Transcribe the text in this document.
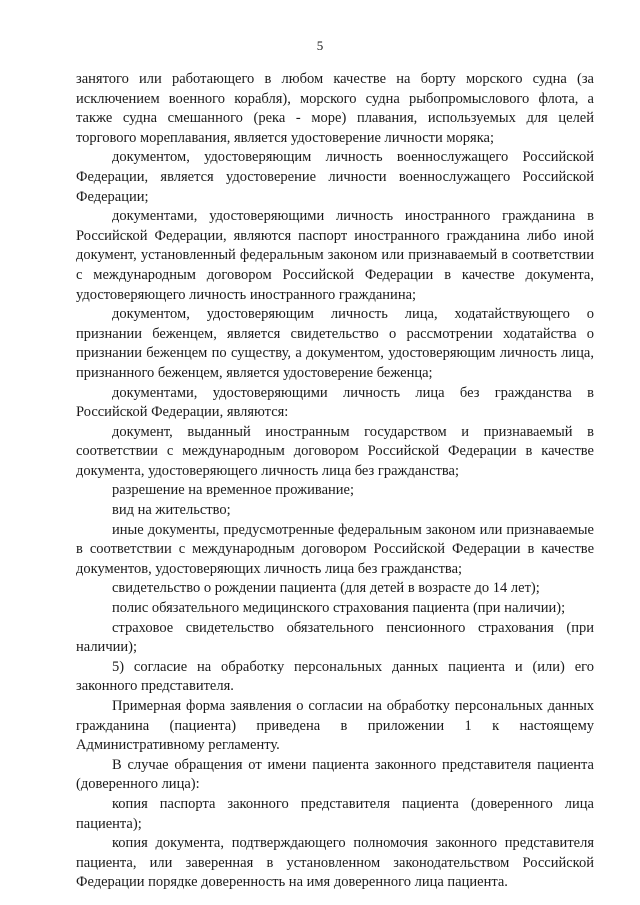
5

занятого или работающего в любом качестве на борту морского судна (за исключением военного корабля), морского судна рыбопромыслового флота, а также судна смешанного (река - море) плавания, используемых для целей торгового мореплавания, является удостоверение личности моряка;

документом, удостоверяющим личность военнослужащего Российской Федерации, является удостоверение личности военнослужащего Российской Федерации;

документами, удостоверяющими личность иностранного гражданина в Российской Федерации, являются паспорт иностранного гражданина либо иной документ, установленный федеральным законом или признаваемый в соответствии с международным договором Российской Федерации в качестве документа, удостоверяющего личность иностранного гражданина;

документом, удостоверяющим личность лица, ходатайствующего о признании беженцем, является свидетельство о рассмотрении ходатайства о признании беженцем по существу, а документом, удостоверяющим личность лица, признанного беженцем, является удостоверение беженца;

документами, удостоверяющими личность лица без гражданства в Российской Федерации, являются:

документ, выданный иностранным государством и признаваемый в соответствии с международным договором Российской Федерации в качестве документа, удостоверяющего личность лица без гражданства;

разрешение на временное проживание;

вид на жительство;

иные документы, предусмотренные федеральным законом или признаваемые в соответствии с международным договором Российской Федерации в качестве документов, удостоверяющих личность лица без гражданства;

свидетельство о рождении пациента (для детей в возрасте до 14 лет);

полис обязательного медицинского страхования пациента (при наличии);

страховое свидетельство обязательного пенсионного страхования (при наличии);

5) согласие на обработку персональных данных пациента и (или) его законного представителя.

Примерная форма заявления о согласии на обработку персональных данных гражданина (пациента) приведена в приложении 1 к настоящему Административному регламенту.

В случае обращения от имени пациента законного представителя пациента (доверенного лица):

копия паспорта законного представителя пациента (доверенного лица пациента);

копия документа, подтверждающего полномочия законного представителя пациента, или заверенная в установленном законодательством Российской Федерации порядке доверенность на имя доверенного лица пациента.
